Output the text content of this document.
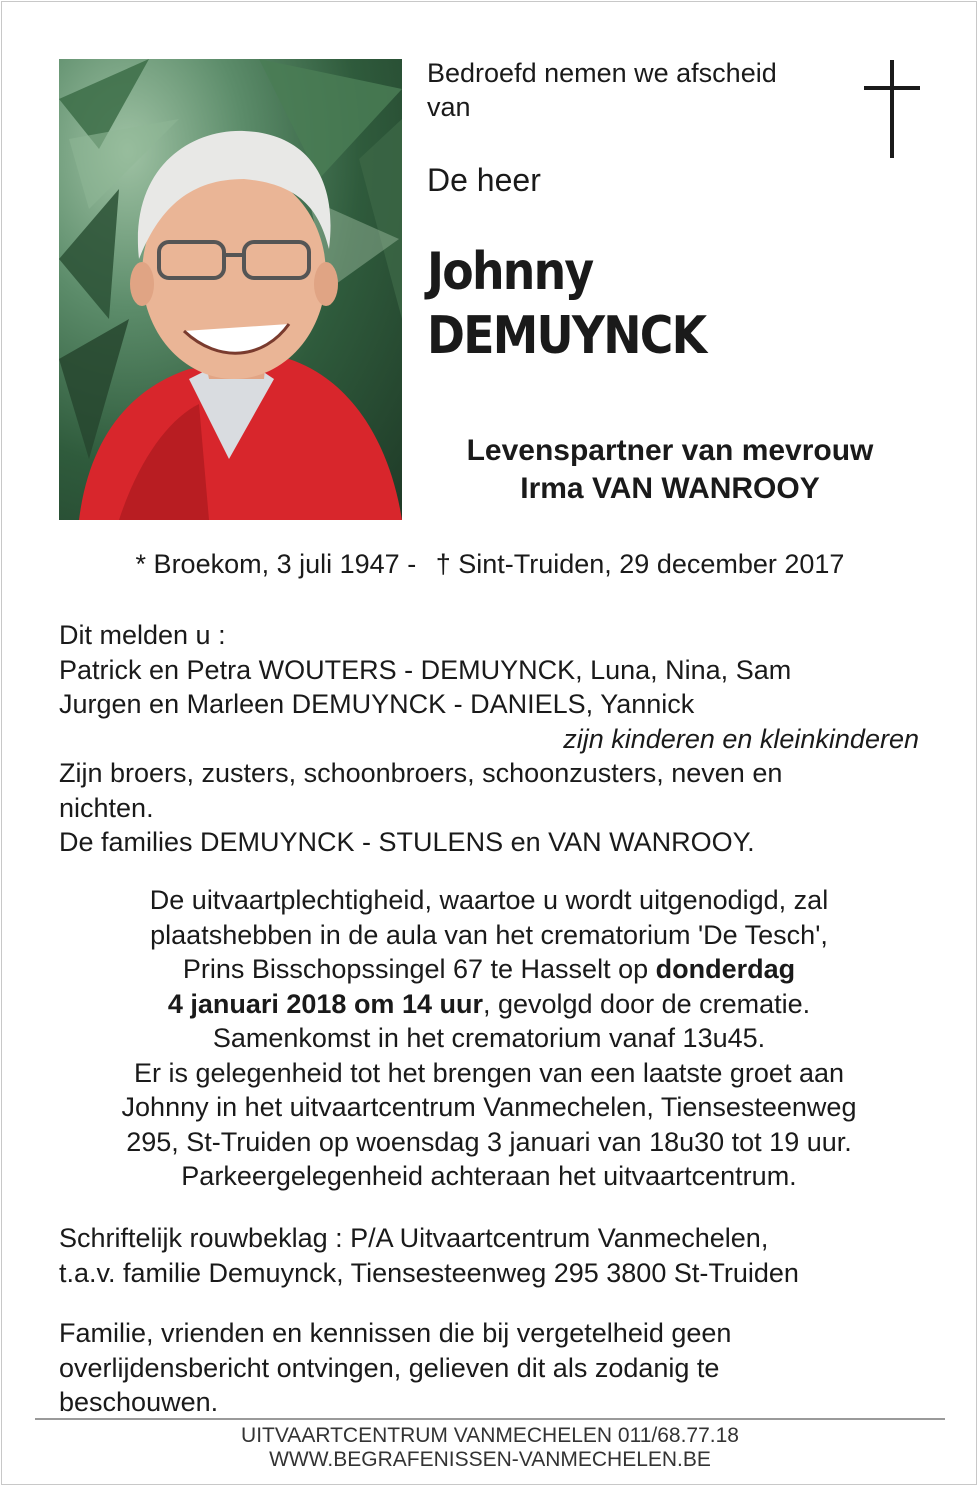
Bedroefd nemen we afscheid
van
De heer
Johnny
DEMUYNCK
Levenspartner van mevrouw
Irma VAN WANROOY
* Broekom, 3 juli 1947 - † Sint-Truiden, 29 december 2017
Dit melden u :
Patrick en Petra WOUTERS - DEMUYNCK, Luna, Nina, Sam
Jurgen en Marleen DEMUYNCK - DANIELS, Yannick
zijn kinderen en kleinkinderen
Zijn broers, zusters, schoonbroers, schoonzusters, neven en
nichten.
De families DEMUYNCK - STULENS en VAN WANROOY.
De uitvaartplechtigheid, waartoe u wordt uitgenodigd, zal
plaatshebben in de aula van het crematorium 'De Tesch',
Prins Bisschopssingel 67 te Hasselt op donderdag
4 januari 2018 om 14 uur, gevolgd door de crematie.
Samenkomst in het crematorium vanaf 13u45.
Er is gelegenheid tot het brengen van een laatste groet aan
Johnny in het uitvaartcentrum Vanmechelen, Tiensesteenweg
295, St-Truiden op woensdag 3 januari van 18u30 tot 19 uur.
Parkeergelegenheid achteraan het uitvaartcentrum.
Schriftelijk rouwbeklag : P/A Uitvaartcentrum Vanmechelen,
t.a.v. familie Demuynck, Tiensesteenweg 295 3800 St-Truiden
Familie, vrienden en kennissen die bij vergetelheid geen
overlijdensbericht ontvingen, gelieven dit als zodanig te
beschouwen.
UITVAARTCENTRUM VANMECHELEN 011/68.77.18
WWW.BEGRAFENISSEN-VANMECHELEN.BE
